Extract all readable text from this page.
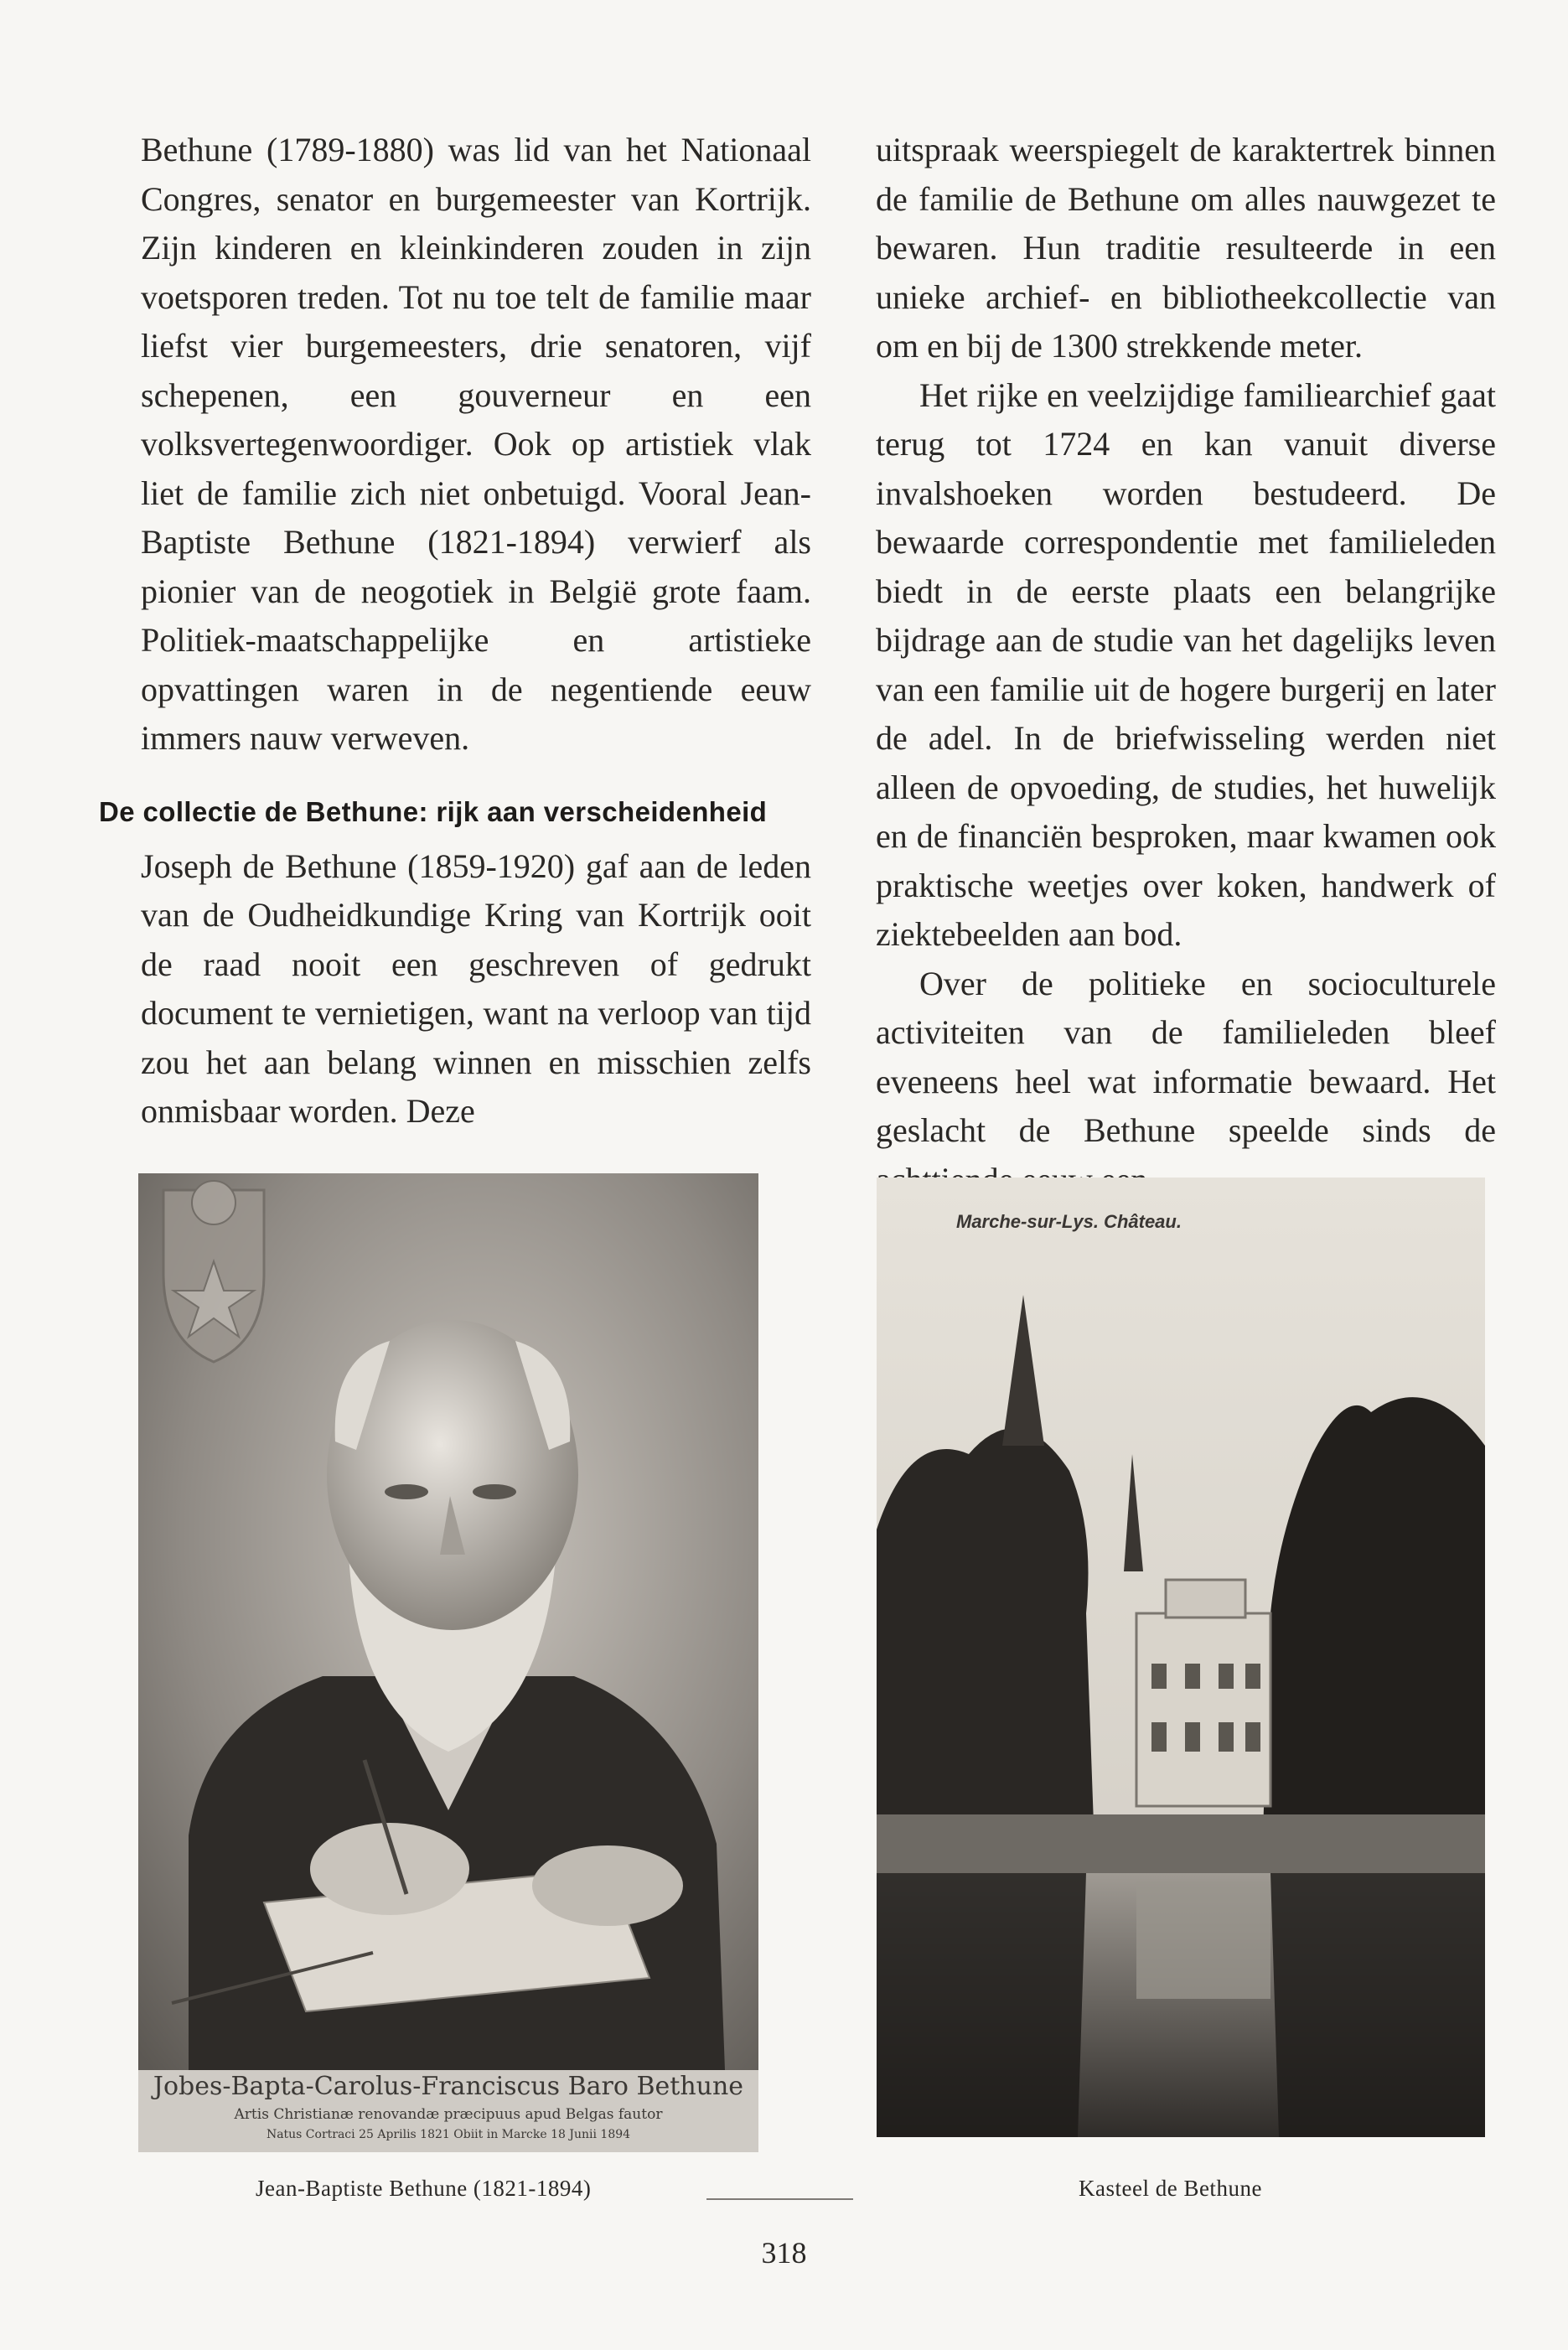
Bethune (1789-1880) was lid van het Nationaal Congres, senator en burgemeester van Kortrijk. Zijn kinderen en kleinkinderen zouden in zijn voetsporen treden. Tot nu toe telt de familie maar liefst vier burgemeesters, drie senatoren, vijf schepenen, een gouverneur en een volksvertegenwoordiger. Ook op artistiek vlak liet de familie zich niet onbetuigd. Vooral Jean-Baptiste Bethune (1821-1894) verwierf als pionier van de neogotiek in België grote faam. Politiek-maatschappelijke en artistieke opvattingen waren in de negentiende eeuw immers nauw verweven.

De collectie de Bethune: rijk aan verscheidenheid

Joseph de Bethune (1859-1920) gaf aan de leden van de Oudheidkundige Kring van Kortrijk ooit de raad nooit een geschreven of gedrukt document te vernietigen, want na verloop van tijd zou het aan belang winnen en misschien zelfs onmisbaar worden. Deze

uitspraak weerspiegelt de karaktertrek binnen de familie de Bethune om alles nauwgezet te bewaren. Hun traditie resulteerde in een unieke archief- en bibliotheekcollectie van om en bij de 1300 strekkende meter.

Het rijke en veelzijdige familiearchief gaat terug tot 1724 en kan vanuit diverse invalshoeken worden bestudeerd. De bewaarde correspondentie met familieleden biedt in de eerste plaats een belangrijke bijdrage aan de studie van het dagelijks leven van een familie uit de hogere burgerij en later de adel. In de briefwisseling werden niet alleen de opvoeding, de studies, het huwelijk en de financiën besproken, maar kwamen ook praktische weetjes over koken, handwerk of ziektebeelden aan bod.

Over de politieke en socioculturele activiteiten van de familieleden bleef eveneens heel wat informatie bewaard. Het geslacht de Bethune speelde sinds de

Jobes-Bapta-Carolus-Franciscus Baro Bethune
Artis Christianæ renovandæ præcipuus apud Belgas fautor
Natus Cortraci 25 Aprilis 1821 Obiit in Marcke 18 Junii 1894
Marche-sur-Lys. Château.
Jean-Baptiste Bethune (1821-1894)	Kasteel de Bethune
318
